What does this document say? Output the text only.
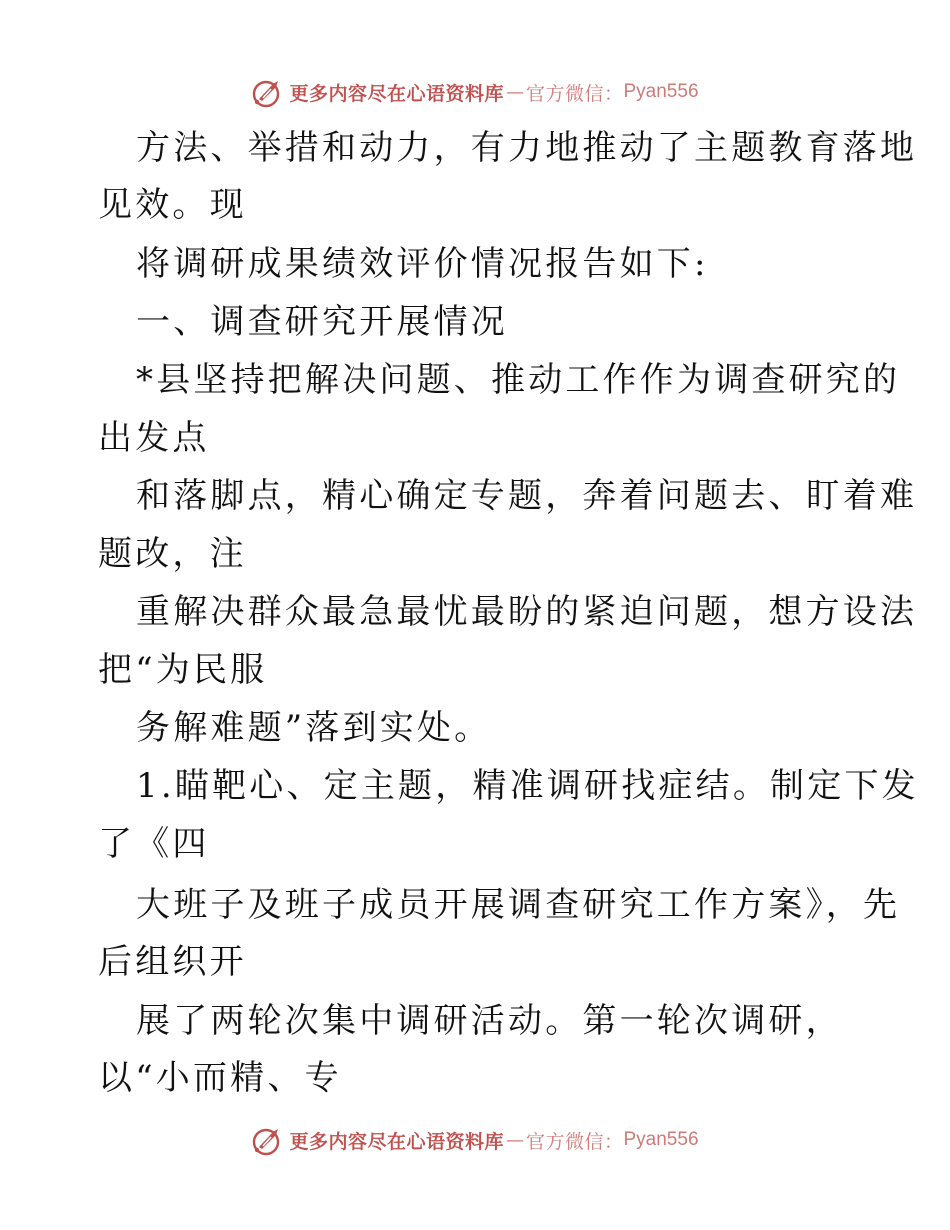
更多内容尽在心语资料库 — 官方微信： Pyan556
方法、举措和动力，有力地推动了主题教育落地
见效。现
将调研成果绩效评价情况报告如下:
一、调查研究开展情况
*县坚持把解决问题、推动工作作为调查研究的
出发点
和落脚点，精心确定专题，奔着问题去、盯着难
题改，注
重解决群众最急最忧最盼的紧迫问题，想方设法
把“为民服
务解难题”落到实处。
1.瞄靶心、定主题，精准调研找症结。制定下发
了《四
大班子及班子成员开展调查研究工作方案》，先
后组织开
展了两轮次集中调研活动。第一轮次调研，
以“小而精、专
更多内容尽在心语资料库 — 官方微信： Pyan556
